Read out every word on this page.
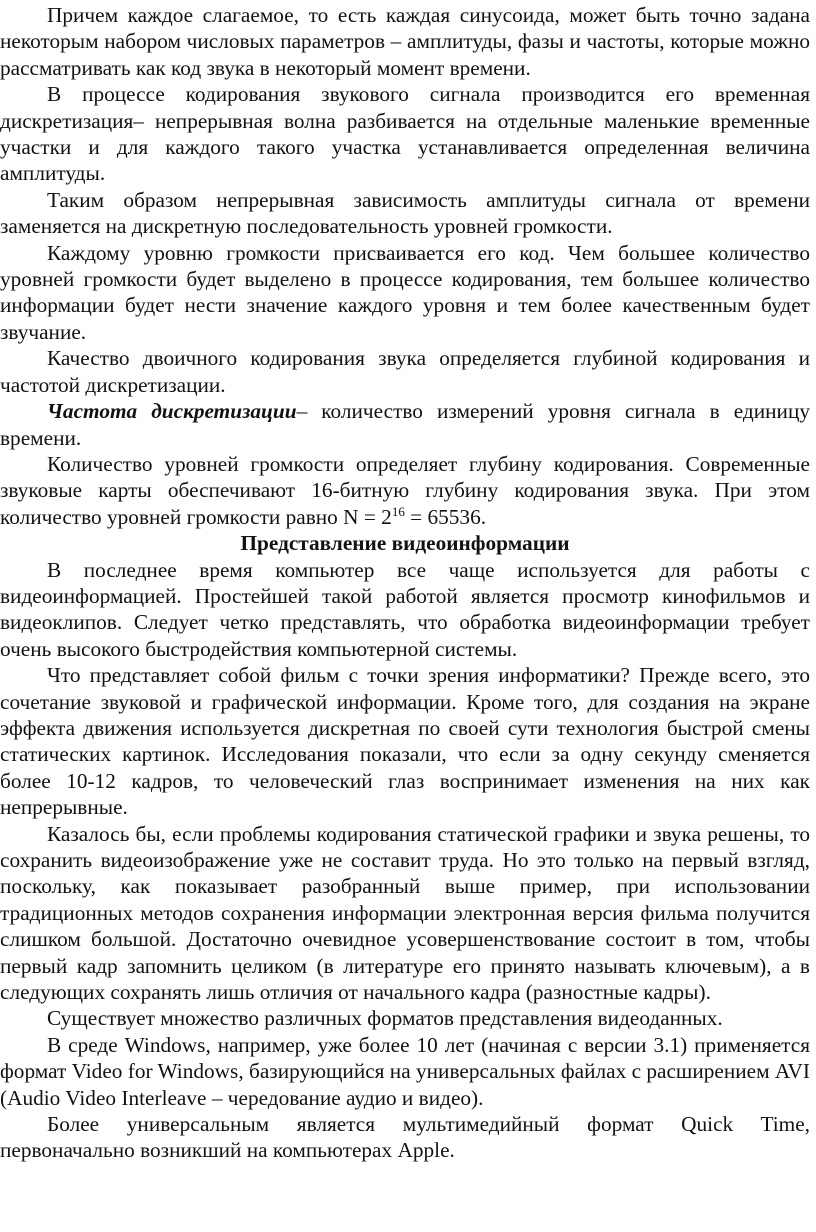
Причем каждое слагаемое, то есть каждая синусоида, может быть точно задана некоторым набором числовых параметров – амплитуды, фазы и частоты, которые можно рассматривать как код звука в некоторый момент времени.

В процессе кодирования звукового сигнала производится его временная дискретизация– непрерывная волна разбивается на отдельные маленькие временные участки и для каждого такого участка устанавливается определенная величина амплитуды.

Таким образом непрерывная зависимость амплитуды сигнала от времени заменяется на дискретную последовательность уровней громкости.

Каждому уровню громкости присваивается его код. Чем большее количество уровней громкости будет выделено в процессе кодирования, тем большее количество информации будет нести значение каждого уровня и тем более качественным будет звучание.

Качество двоичного кодирования звука определяется глубиной кодирования и частотой дискретизации.

Частота дискретизации– количество измерений уровня сигнала в единицу времени.

Количество уровней громкости определяет глубину кодирования. Современные звуковые карты обеспечивают 16-битную глубину кодирования звука. При этом количество уровней громкости равно $N = 2^{16} = 65536$.

Представление видеоинформации

В последнее время компьютер все чаще используется для работы с видеоинформацией. Простейшей такой работой является просмотр кинофильмов и видеоклипов. Следует четко представлять, что обработка видеоинформации требует очень высокого быстродействия компьютерной системы.

Что представляет собой фильм с точки зрения информатики? Прежде всего, это сочетание звуковой и графической информации. Кроме того, для создания на экране эффекта движения используется дискретная по своей сути технология быстрой смены статических картинок. Исследования показали, что если за одну секунду сменяется более 10-12 кадров, то человеческий глаз воспринимает изменения на них как непрерывные.

Казалось бы, если проблемы кодирования статической графики и звука решены, то сохранить видеоизображение уже не составит труда. Но это только на первый взгляд, поскольку, как показывает разобранный выше пример, при использовании традиционных методов сохранения информации электронная версия фильма получится слишком большой. Достаточно очевидное усовершенствование состоит в том, чтобы первый кадр запомнить целиком (в литературе его принято называть ключевым), а в следующих сохранять лишь отличия от начального кадра (разностные кадры).

Существует множество различных форматов представления видеоданных.

В среде Windows, например, уже более 10 лет (начиная с версии 3.1) применяется формат Video for Windows, базирующийся на универсальных файлах с расширением AVI (Audio Video Interleave – чередование аудио и видео).

Более универсальным является мультимедийный формат Quick Time, первоначально возникший на компьютерах Apple.
